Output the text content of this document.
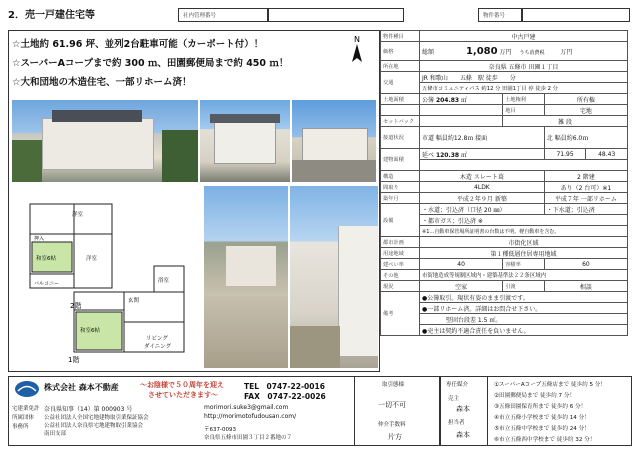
2．売一戸建住宅等	社内管理番号	物件番号
☆土地約 61.96 坪、並列2台駐車可能（カーポート付）！
☆スーパーAコープまで約 300 ｍ、田園郵便局まで約 450 ｍ！
☆大和団地の木造住宅、一部リホーム済！
N
洋室
和室6帖	洋室
押入
バルコニー
2階
和室6帖
リビング
ダイニング
浴室
玄関
1階
物件種目	中古戸建			
価格	総額 1,080 万円 うち消費税 万円			
所在地	奈良県 五條市 田園１丁目			
交通	JR 和歌山　　五條　駅 徒歩　　分			
	五條市コミュニティバス 約12 分 田園1丁目 停 徒歩 2 分			
土地面積	公簿 204.83 ㎡	土地権利	所有権	
		地目	宅地	
セットバック		雑 段		
接道状況	市道 幅員約12.8ｍ 接面		北 幅員約6.0ｍ	
建物面積	延べ 120.38 ㎡		71.95	48.43

構造	木造 スレート葺		2 階建	
間取り	4LDK		あり（2 台可）※1	
築年月	平成２年９月 新築		平成７年 一部リホーム	
設備	・水道；引込済（口径 20 ㎜）		・下水道；引込済	
	・都市ガス；引込済 ※			
	※1…自動車保管場所証明書の台数は不明。軽自動車を含む。			
都市計画	市街化区域			
用途地域	第１種低層住居専用地域			
建ぺい率	40	容積率	60	
その他	市街地造成等規制区域内・建築基準法２２条区域内			
現況	空家	引渡	相談	
備考	●公簿取引。現状有姿のまま引渡です。			
	●一部リホーム済。詳細はお問合せ下さい。			
	　　　　堅固台段差 1.5 ㎡。			
	●売主は契約不適合責任を負いません。			
株式会社 森本不動産	～お陰様で５０周年を迎え
させていただきます～
TEL　0747-22-0016
FAX　0747-22-0026
宅建業免許
所属団体
事務所
奈良県知事（14）第 000903 号
公益社団法人全国宅地建物取引業保証協会
公益社団法人奈良県宅地建物取引業協会
南田支部
morimori.suke3@gmail.com
http://morimotofudousan.com/
〒637-0093
奈良県五條市田園３丁目２番地の７
取引態様
一切不可
仲介手数料
片方
専任媒介
売主
森本
担当者
森本
①スーパーAコープ五條店まで 徒歩約 5 分！
②田園郵便局まで 徒歩約 7 分！
③五條田園保育所まで 徒歩約 6 分！
④市立五條小学校まで 徒歩約 14 分！
⑤市立五條中学校まで 徒歩約 24 分！
⑥市立五條西中学校まで 徒歩約 32 分！
